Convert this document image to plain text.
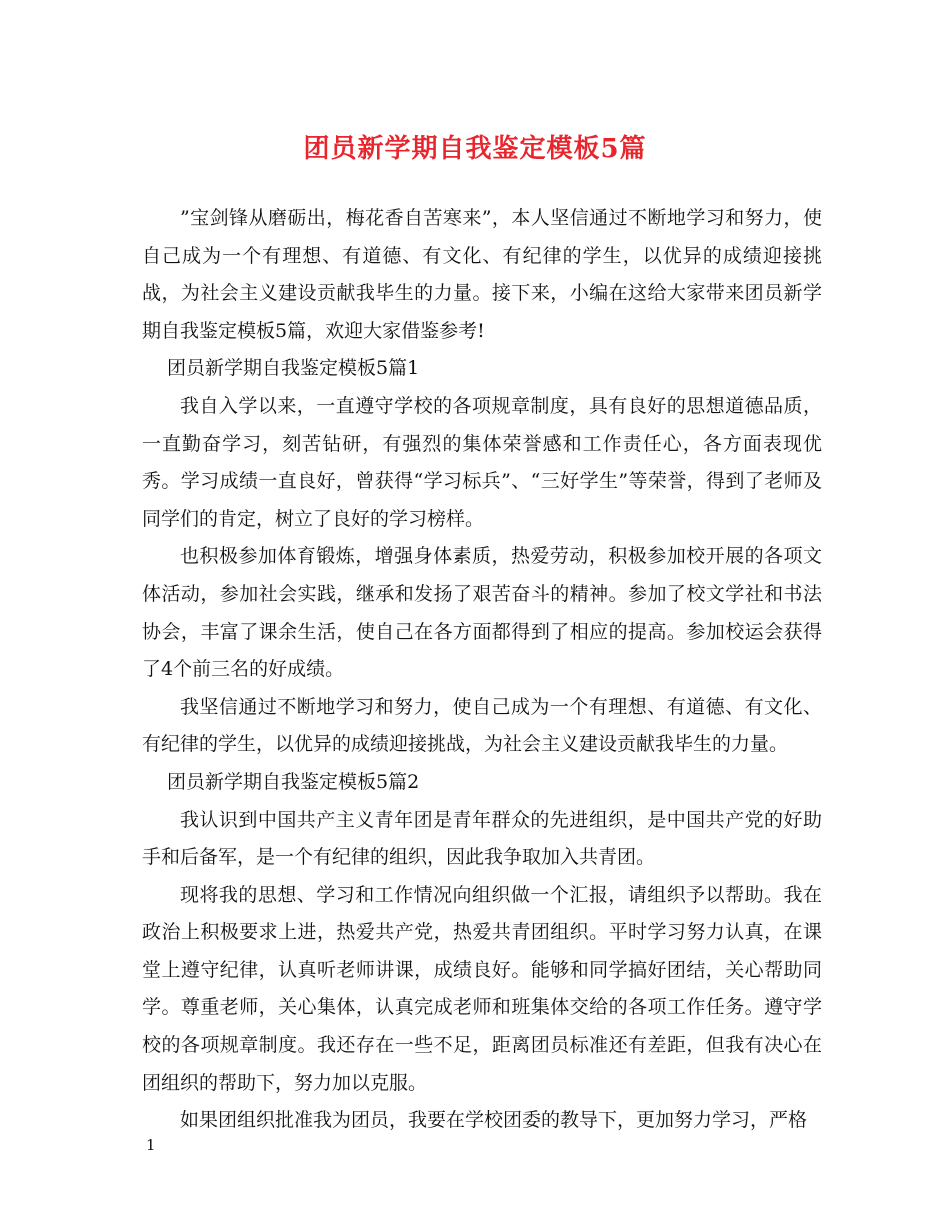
团员新学期自我鉴定模板5篇

”宝剑锋从磨砺出，梅花香自苦寒来”，本人坚信通过不断地学习和努力，使自己成为一个有理想、有道德、有文化、有纪律的学生，以优异的成绩迎接挑战，为社会主义建设贡献我毕生的力量。接下来，小编在这给大家带来团员新学期自我鉴定模板5篇，欢迎大家借鉴参考!

团员新学期自我鉴定模板5篇1

我自入学以来，一直遵守学校的各项规章制度，具有良好的思想道德品质，一直勤奋学习，刻苦钻研，有强烈的集体荣誉感和工作责任心，各方面表现优秀。学习成绩一直良好，曾获得“学习标兵”、“三好学生”等荣誉，得到了老师及同学们的肯定，树立了良好的学习榜样。

也积极参加体育锻炼，增强身体素质，热爱劳动，积极参加校开展的各项文体活动，参加社会实践，继承和发扬了艰苦奋斗的精神。参加了校文学社和书法协会，丰富了课余生活，使自己在各方面都得到了相应的提高。参加校运会获得了4个前三名的好成绩。

我坚信通过不断地学习和努力，使自己成为一个有理想、有道德、有文化、有纪律的学生，以优异的成绩迎接挑战，为社会主义建设贡献我毕生的力量。

团员新学期自我鉴定模板5篇2

我认识到中国共产主义青年团是青年群众的先进组织，是中国共产党的好助手和后备军，是一个有纪律的组织，因此我争取加入共青团。

现将我的思想、学习和工作情况向组织做一个汇报，请组织予以帮助。我在政治上积极要求上进，热爱共产党，热爱共青团组织。平时学习努力认真，在课堂上遵守纪律，认真听老师讲课，成绩良好。能够和同学搞好团结，关心帮助同学。尊重老师，关心集体，认真完成老师和班集体交给的各项工作任务。遵守学校的各项规章制度。我还存在一些不足，距离团员标准还有差距，但我有决心在团组织的帮助下，努力加以克服。

如果团组织批准我为团员，我要在学校团委的教导下，更加努力学习，严格

1
